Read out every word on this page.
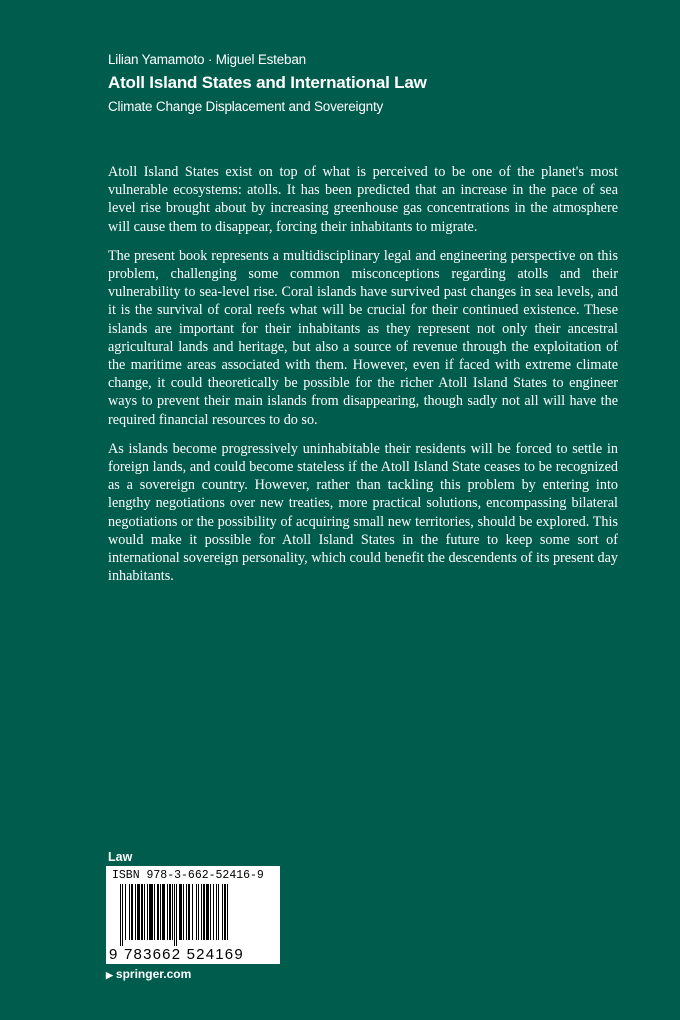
Lilian Yamamoto · Miguel Esteban
Atoll Island States and International Law
Climate Change Displacement and Sovereignty

Atoll Island States exist on top of what is perceived to be one of the planet's most vulnerable ecosystems: atolls. It has been predicted that an increase in the pace of sea level rise brought about by increasing greenhouse gas concentrations in the atmosphere will cause them to disappear, forcing their inhabitants to migrate.

The present book represents a multidisciplinary legal and engineering perspective on this problem, challenging some common misconceptions regarding atolls and their vulnerability to sea-level rise. Coral islands have survived past changes in sea levels, and it is the survival of coral reefs what will be crucial for their continued existence. These islands are important for their inhabitants as they represent not only their ancestral agricultural lands and heritage, but also a source of revenue through the exploitation of the maritime areas associated with them. However, even if faced with extreme climate change, it could theoretically be possible for the richer Atoll Island States to engineer ways to prevent their main islands from disappearing, though sadly not all will have the required financial resources to do so.

As islands become progressively uninhabitable their residents will be forced to settle in foreign lands, and could become stateless if the Atoll Island State ceases to be recognized as a sovereign country. However, rather than tackling this problem by entering into lengthy negotiations over new treaties, more practical solutions, encompassing bilateral negotiations or the possibility of acquiring small new territories, should be explored. This would make it possible for Atoll Island States in the future to keep some sort of international sovereign personality, which could benefit the descendents of its present day inhabitants.

Law
ISBN 978-3-662-52416-9
9 783662 524169
▶ springer.com
